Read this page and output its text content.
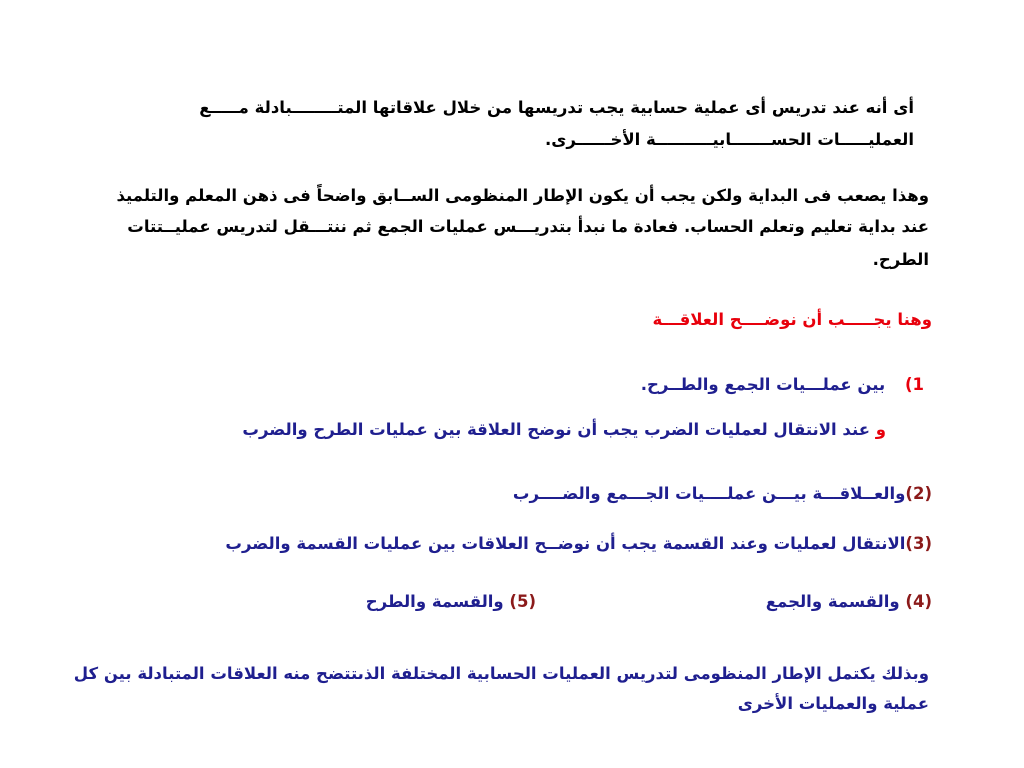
أى أنه عند تدريس أى عملية حسابية يجب تدريسها من خلال علاقاتها المتــــــــبادلة مـــــع

العمليـــــات الحســـــــابيــــــــــة الأخــــــرى.

وهذا يصعب فى البداية ولكن يجب أن يكون الإطار المنظومى الســابق واضحاً فى ذهن المعلم والتلميذ

عند بداية تعليم وتعلم الحساب. فعادة ما نبدأ بتدريـــس عمليات الجمع ثم ننتـــقل لتدريس عمليــتتات

الطرح.

وهنا يجـــــب أن نوضــــح العلاقـــة

1) بين عملـــيات الجمع والطــرح.

و عند الانتقال لعمليات الضرب يجب أن نوضح العلاقة بين عمليات الطرح والضرب

(2)والعــلاقـــة بيـــن عملــــيات الجـــمع والضــــرب

(3)الانتقال لعمليات وعند القسمة يجب أن نوضــح العلاقات بين عمليات القسمة والضرب

(4) والقسمة والجمع

(5) والقسمة والطرح

وبذلك يكتمل الإطار المنظومى لتدريس العمليات الحسابية المختلفة الذىتتضح منه العلاقات المتبادلة بين كل

عملية والعمليات الأخرى
